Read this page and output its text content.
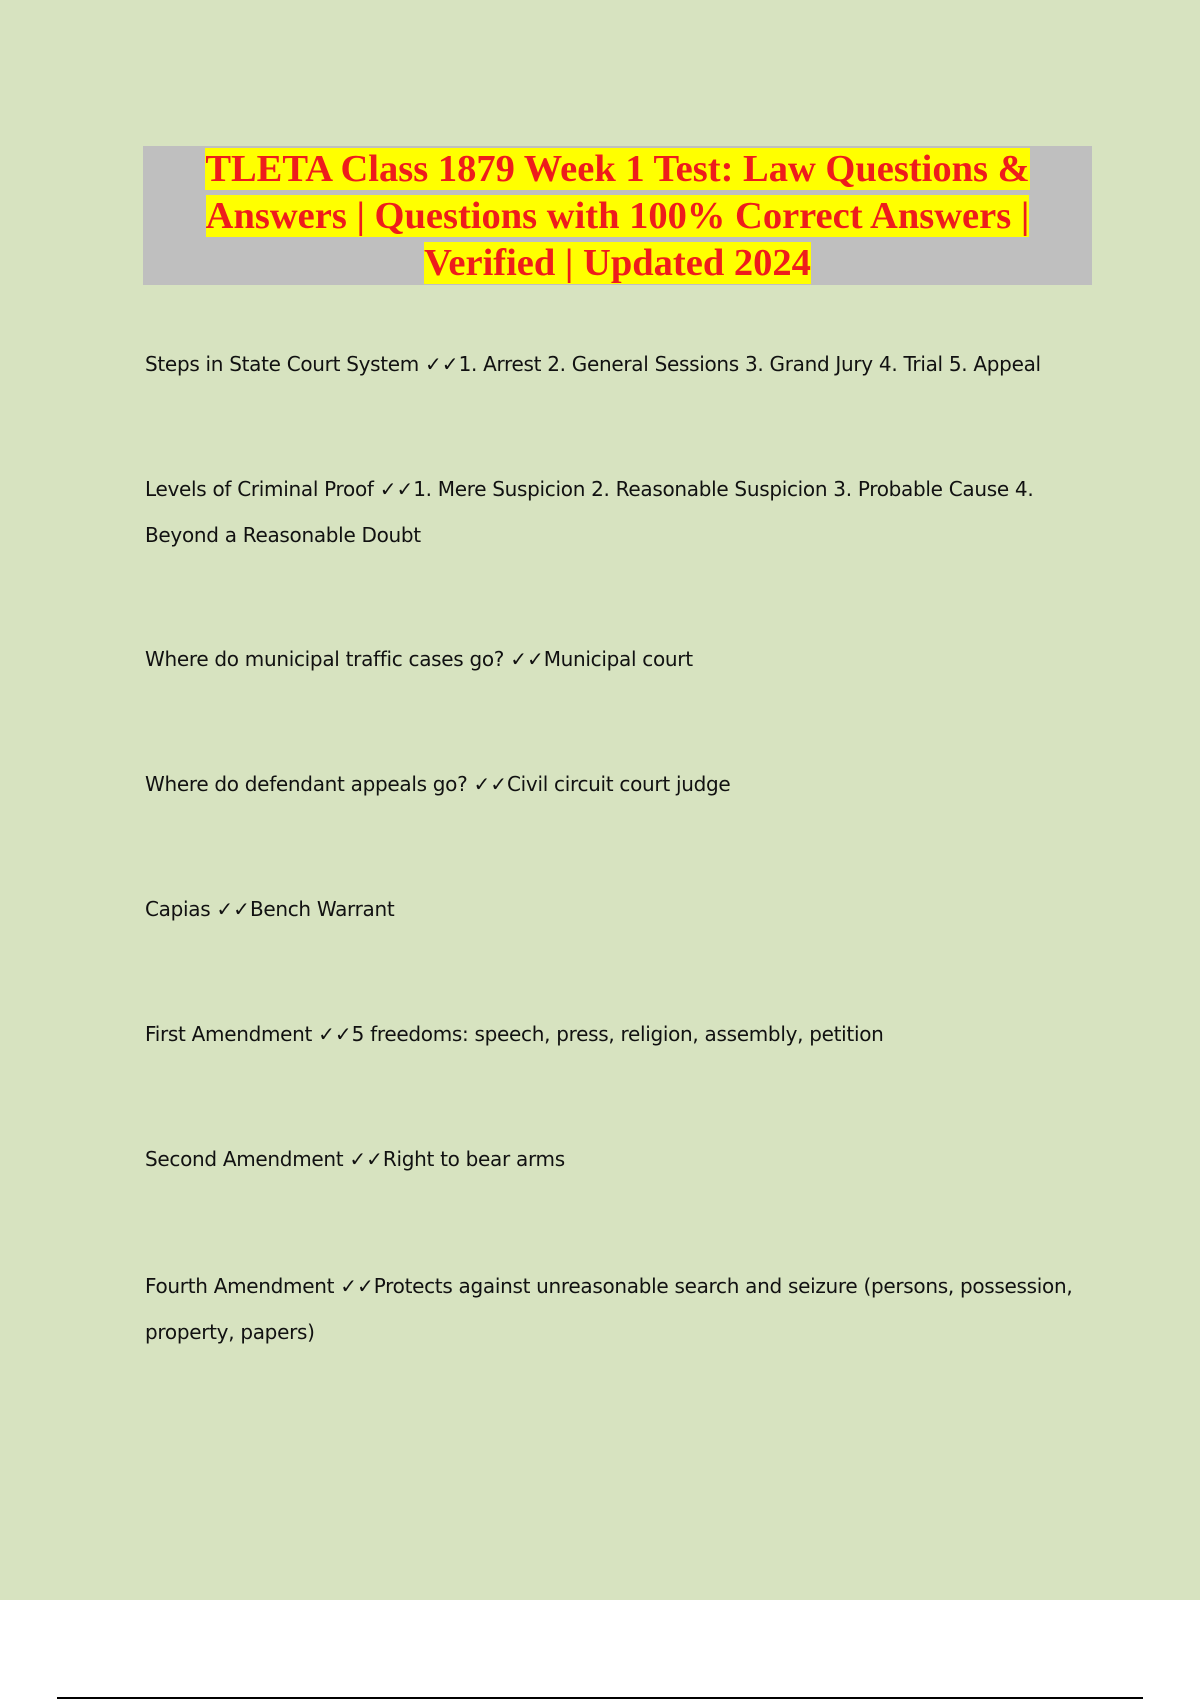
TLETA Class 1879 Week 1 Test: Law Questions &
Answers | Questions with 100% Correct Answers |
Verified | Updated 2024
Steps in State Court System ✓✓1. Arrest 2. General Sessions 3. Grand Jury 4. Trial 5. Appeal
Levels of Criminal Proof ✓✓1. Mere Suspicion 2. Reasonable Suspicion 3. Probable Cause 4. Beyond a Reasonable Doubt
Where do municipal traffic cases go? ✓✓Municipal court
Where do defendant appeals go? ✓✓Civil circuit court judge
Capias ✓✓Bench Warrant
First Amendment ✓✓5 freedoms: speech, press, religion, assembly, petition
Second Amendment ✓✓Right to bear arms
Fourth Amendment ✓✓Protects against unreasonable search and seizure (persons, possession, property, papers)
